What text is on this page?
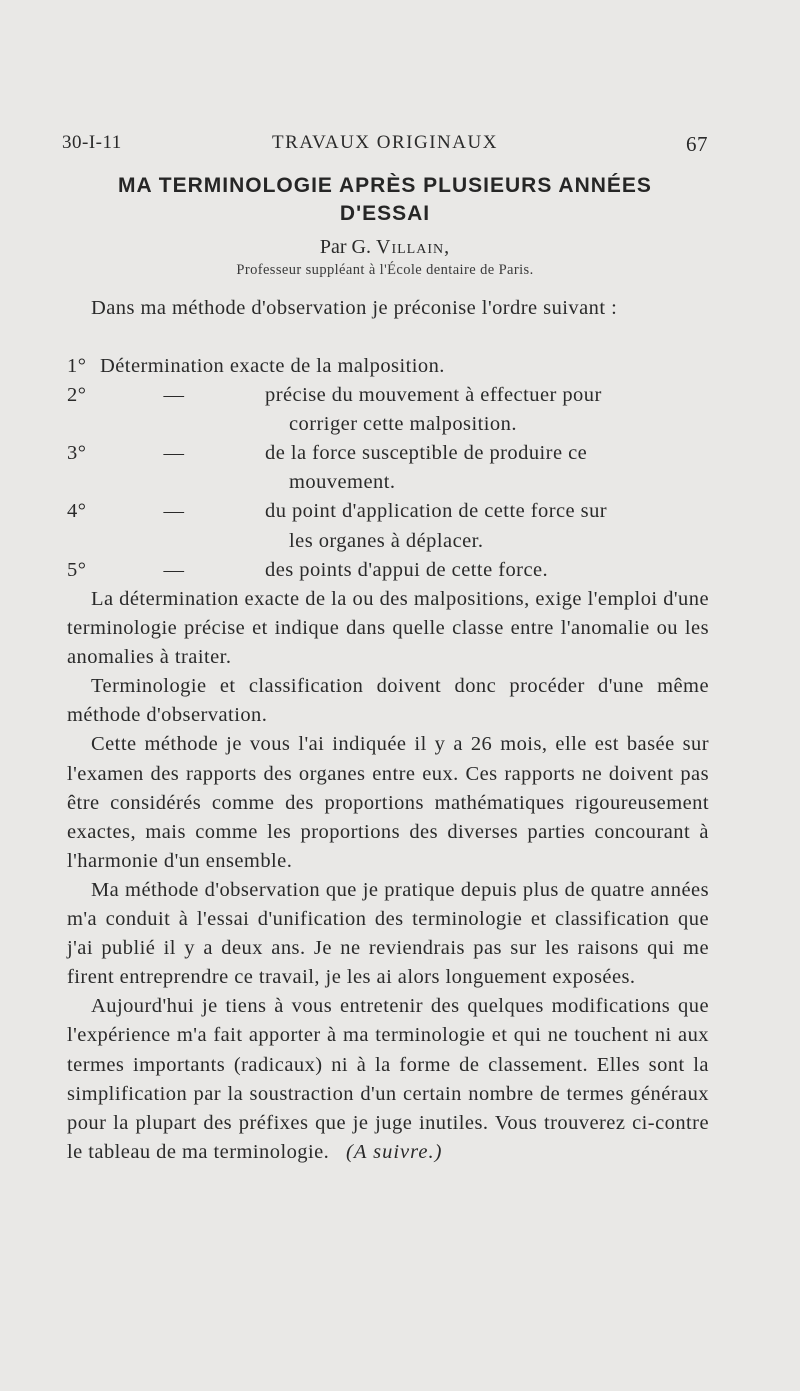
30-I-11	TRAVAUX ORIGINAUX	67
MA TERMINOLOGIE APRÈS PLUSIEURS ANNÉES
D'ESSAI
Par G. Villain,
Professeur suppléant à l'École dentaire de Paris.

Dans ma méthode d'observation je préconise l'ordre suivant :

1° Détermination exacte de la malposition.
2°	—	précise du mouvement à effectuer pour
corriger cette malposition.
3°	—	de la force susceptible de produire ce
mouvement.
4°	—	du point d'application de cette force sur
les organes à déplacer.
5°	—	des points d'appui de cette force.

La détermination exacte de la ou des malpositions, exige l'emploi d'une terminologie précise et indique dans quelle classe entre l'anomalie ou les anomalies à traiter.

Terminologie et classification doivent donc procéder d'une même méthode d'observation.

Cette méthode je vous l'ai indiquée il y a 26 mois, elle est basée sur l'examen des rapports des organes entre eux. Ces rapports ne doivent pas être considérés comme des proportions mathématiques rigoureusement exactes, mais comme les proportions des diverses parties concourant à l'harmonie d'un ensemble.

Ma méthode d'observation que je pratique depuis plus de quatre années m'a conduit à l'essai d'unification des terminologie et classification que j'ai publié il y a deux ans. Je ne reviendrais pas sur les raisons qui me firent entreprendre ce travail, je les ai alors longuement exposées.

Aujourd'hui je tiens à vous entretenir des quelques modifications que l'expérience m'a fait apporter à ma terminologie et qui ne touchent ni aux termes importants (radicaux) ni à la forme de classement. Elles sont la simplification par la soustraction d'un certain nombre de termes généraux pour la plupart des préfixes que je juge inutiles. Vous trouverez ci-contre le tableau de ma terminologie. (A suivre.)
